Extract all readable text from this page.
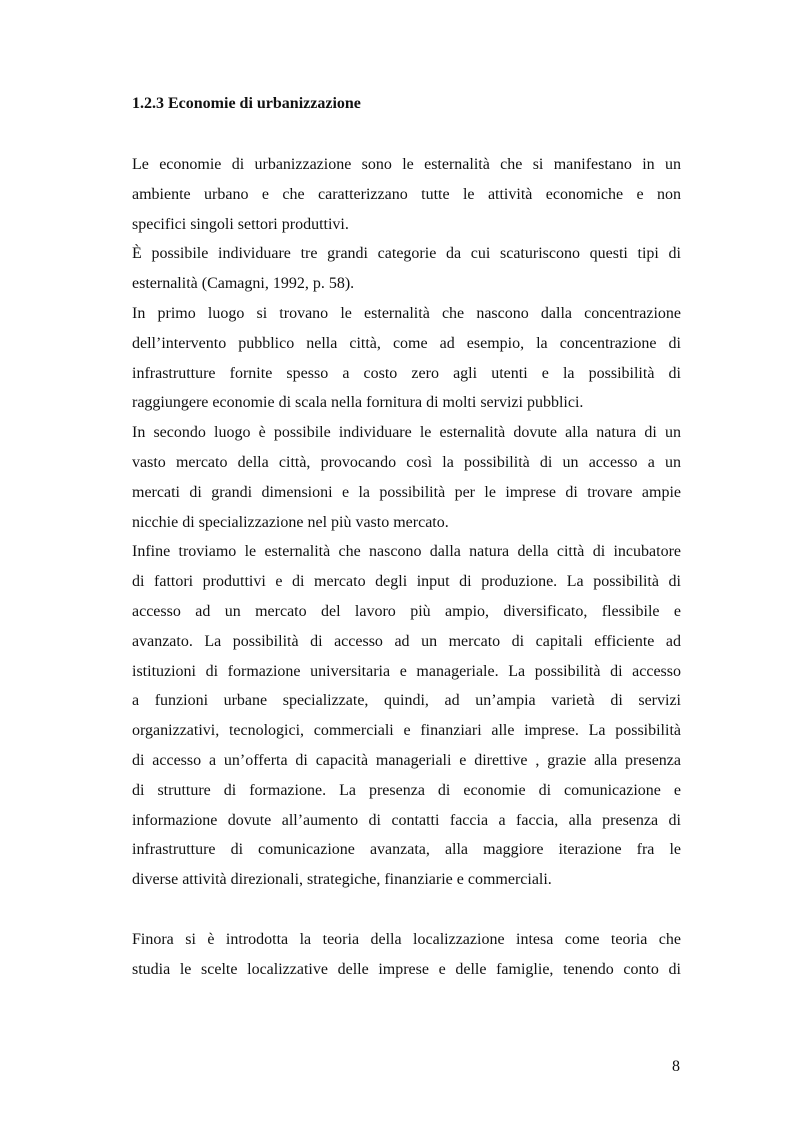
1.2.3 Economie di urbanizzazione

Le economie di urbanizzazione sono le esternalità che si manifestano in un
ambiente urbano e che caratterizzano tutte le attività economiche e non
specifici singoli settori produttivi.

È possibile individuare tre grandi categorie da cui scaturiscono questi tipi di
esternalità (Camagni, 1992, p. 58).

In primo luogo si trovano le esternalità che nascono dalla concentrazione
dell’intervento pubblico nella città, come ad esempio, la concentrazione di
infrastrutture fornite spesso a costo zero agli utenti e la possibilità di
raggiungere economie di scala nella fornitura di molti servizi pubblici.

In secondo luogo è possibile individuare le esternalità dovute alla natura di un
vasto mercato della città, provocando così la possibilità di un accesso a un
mercati di grandi dimensioni e la possibilità per le imprese di trovare ampie
nicchie di specializzazione nel più vasto mercato.

Infine troviamo le esternalità che nascono dalla natura della città di incubatore
di fattori produttivi e di mercato degli input di produzione. La possibilità di
accesso ad un mercato del lavoro più ampio, diversificato, flessibile e
avanzato. La possibilità di accesso ad un mercato di capitali efficiente ad
istituzioni di formazione universitaria e manageriale. La possibilità di accesso
a funzioni urbane specializzate, quindi, ad un’ampia varietà di servizi
organizzativi, tecnologici, commerciali e finanziari alle imprese. La possibilità
di accesso a un’offerta di capacità manageriali e direttive , grazie alla presenza
di strutture di formazione. La presenza di economie di comunicazione e
informazione dovute all’aumento di contatti faccia a faccia, alla presenza di
infrastrutture di comunicazione avanzata, alla maggiore iterazione fra le
diverse attività direzionali, strategiche, finanziarie e commerciali.

Finora si è introdotta la teoria della localizzazione intesa come teoria che
studia le scelte localizzative delle imprese e delle famiglie, tenendo conto di

8
